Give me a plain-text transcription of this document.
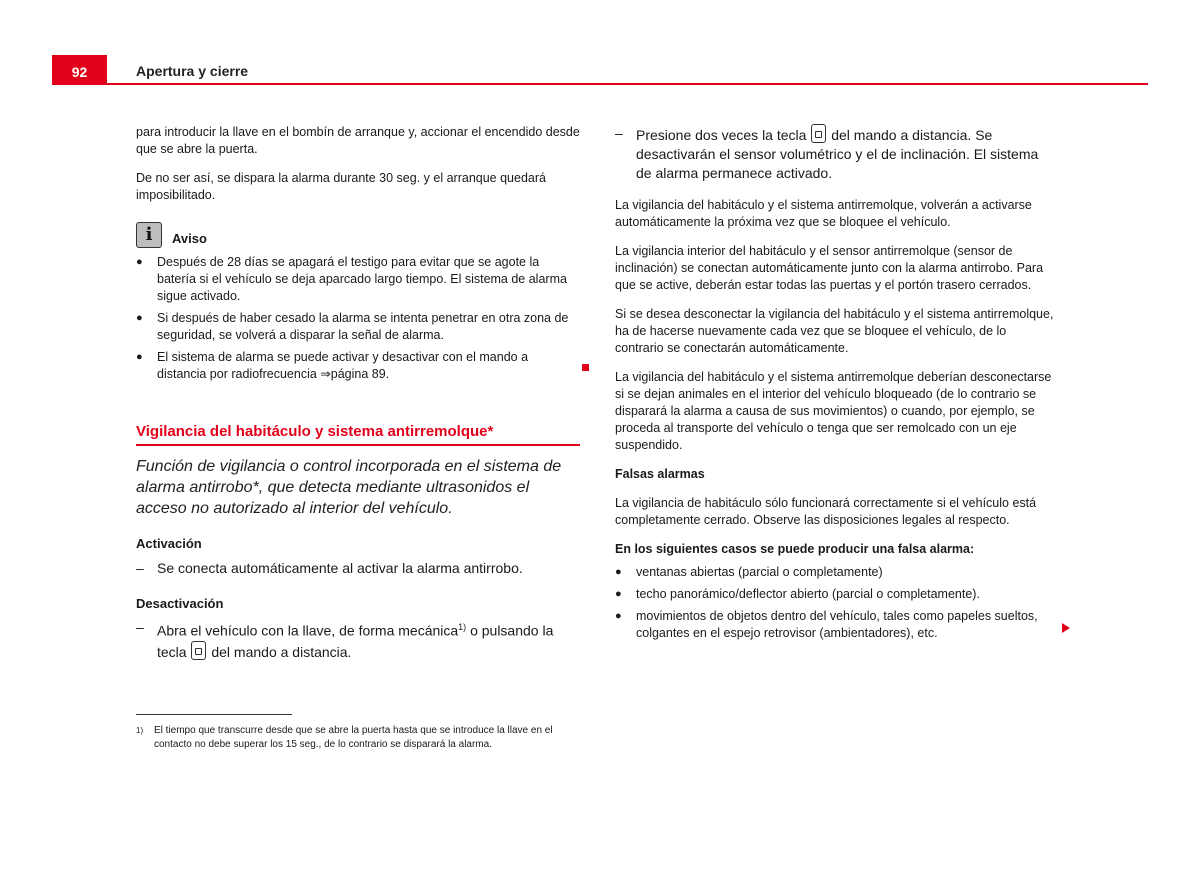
92	Apertura y cierre

para introducir la llave en el bombín de arranque y, accionar el encendido desde que se abre la puerta.

De no ser así, se dispara la alarma durante 30 seg. y el arranque quedará imposibilitado.

i	Aviso
●	Después de 28 días se apagará el testigo para evitar que se agote la batería si el vehículo se deja aparcado largo tiempo. El sistema de alarma sigue activado.
●	Si después de haber cesado la alarma se intenta penetrar en otra zona de seguridad, se volverá a disparar la señal de alarma.
●	El sistema de alarma se puede activar y desactivar con el mando a distancia por radiofrecuencia ⇒página 89.
Vigilancia del habitáculo y sistema antirremolque*
Función de vigilancia o control incorporada en el sistema de alarma antirrobo*, que detecta mediante ultrasonidos el acceso no autorizado al interior del vehículo.
Activación
– Se conecta automáticamente al activar la alarma antirrobo.
Desactivación
– Abra el vehículo con la llave, de forma mecánica$^{1)}$ o pulsando la tecla  del mando a distancia.
1)	El tiempo que transcurre desde que se abre la puerta hasta que se introduce la llave en el contacto no debe superar los 15 seg., de lo contrario se disparará la alarma.
– Presione dos veces la tecla  del mando a distancia. Se desactivarán el sensor volumétrico y el de inclinación. El sistema de alarma permanece activado.

La vigilancia del habitáculo y el sistema antirremolque, volverán a activarse automáticamente la próxima vez que se bloquee el vehículo.

La vigilancia interior del habitáculo y el sensor antirremolque (sensor de inclinación) se conectan automáticamente junto con la alarma antirrobo. Para que se active, deberán estar todas las puertas y el portón trasero cerrados.

Si se desea desconectar la vigilancia del habitáculo y el sistema antirremolque, ha de hacerse nuevamente cada vez que se bloquee el vehículo, de lo contrario se conectarán automáticamente.

La vigilancia del habitáculo y el sistema antirremolque deberían desconectarse si se dejan animales en el interior del vehículo bloqueado (de lo contrario se disparará la alarma a causa de sus movimientos) o cuando, por ejemplo, se proceda al transporte del vehículo o tenga que ser remolcado con un eje suspendido.

Falsas alarmas

La vigilancia de habitáculo sólo funcionará correctamente si el vehículo está completamente cerrado. Observe las disposiciones legales al respecto.

En los siguientes casos se puede producir una falsa alarma:

●	ventanas abiertas (parcial o completamente)
●	techo panorámico/deflector abierto (parcial o completamente).
●	movimientos de objetos dentro del vehículo, tales como papeles sueltos, colgantes en el espejo retrovisor (ambientadores), etc.
